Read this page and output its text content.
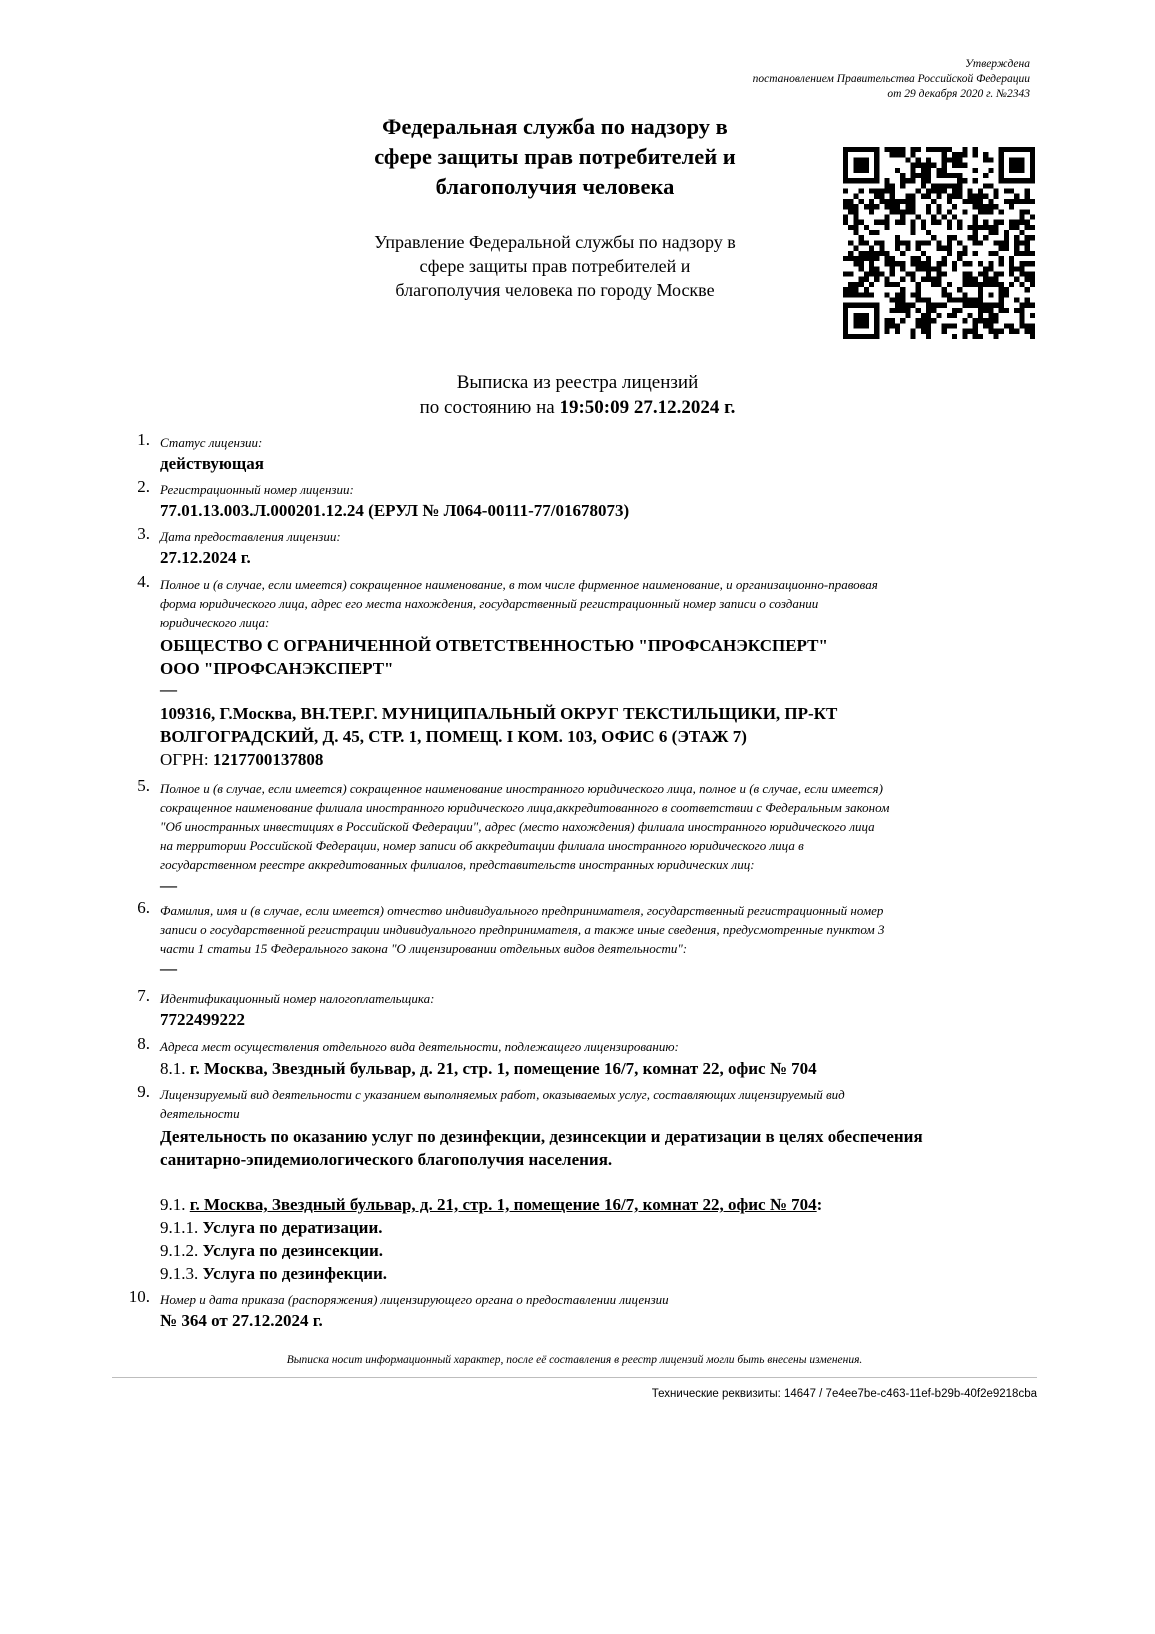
Утверждена
постановлением Правительства Российской Федерации
от 29 декабря 2020 г. №2343
Федеральная служба по надзору в
сфере защиты прав потребителей и
благополучия человека
Управление Федеральной службы по надзору в
сфере защиты прав потребителей и
благополучия человека по городу Москве
Выписка из реестра лицензий
по состоянию на 19:50:09 27.12.2024 г.
1. Статус лицензии:
действующая
2. Регистрационный номер лицензии:
77.01.13.003.Л.000201.12.24 (ЕРУЛ № Л064-00111-77/01678073)
3. Дата предоставления лицензии:
27.12.2024 г.
4. Полное и (в случае, если имеется) сокращенное наименование, в том числе фирменное наименование, и организационно-правовая
форма юридического лица, адрес его места нахождения, государственный регистрационный номер записи о создании
юридического лица:
ОБЩЕСТВО С ОГРАНИЧЕННОЙ ОТВЕТСТВЕННОСТЬЮ "ПРОФСАНЭКСПЕРТ"
ООО "ПРОФСАНЭКСПЕРТ"
—
109316, Г.Москва, ВН.ТЕР.Г. МУНИЦИПАЛЬНЫЙ ОКРУГ ТЕКСТИЛЬЩИКИ, ПР-КТ
ВОЛГОГРАДСКИЙ, Д. 45, СТР. 1, ПОМЕЩ. I КОМ. 103, ОФИС 6 (ЭТАЖ 7)
ОГРН: 1217700137808
5. Полное и (в случае, если имеется) сокращенное наименование иностранного юридического лица, полное и (в случае, если имеется)
сокращенное наименование филиала иностранного юридического лица,аккредитованного в соответствии с Федеральным законом
"Об иностранных инвестициях в Российской Федерации", адрес (место нахождения) филиала иностранного юридического лица
на территории Российской Федерации, номер записи об аккредитации филиала иностранного юридического лица в
государственном реестре аккредитованных филиалов, представительств иностранных юридических лиц:
—
6. Фамилия, имя и (в случае, если имеется) отчество индивидуального предпринимателя, государственный регистрационный номер
записи о государственной регистрации индивидуального предпринимателя, а также иные сведения, предусмотренные пунктом 3
части 1 статьи 15 Федерального закона "О лицензировании отдельных видов деятельности":
—
7. Идентификационный номер налогоплательщика:
7722499222
8. Адреса мест осуществления отдельного вида деятельности, подлежащего лицензированию:
8.1. г. Москва, Звездный бульвар, д. 21, стр. 1, помещение 16/7, комнат 22, офис № 704
9. Лицензируемый вид деятельности с указанием выполняемых работ, оказываемых услуг, составляющих лицензируемый вид
деятельности
Деятельность по оказанию услуг по дезинфекции, дезинсекции и дератизации в целях обеспечения
санитарно-эпидемиологического благополучия населения.
9.1. г. Москва, Звездный бульвар, д. 21, стр. 1, помещение 16/7, комнат 22, офис № 704:
9.1.1. Услуга по дератизации.
9.1.2. Услуга по дезинсекции.
9.1.3. Услуга по дезинфекции.
10. Номер и дата приказа (распоряжения) лицензирующего органа о предоставлении лицензии
№ 364 от 27.12.2024 г.
Выписка носит информационный характер, после её составления в реестр лицензий могли быть внесены изменения.
Технические реквизиты: 14647 / 7e4ee7be-c463-11ef-b29b-40f2e9218cba
